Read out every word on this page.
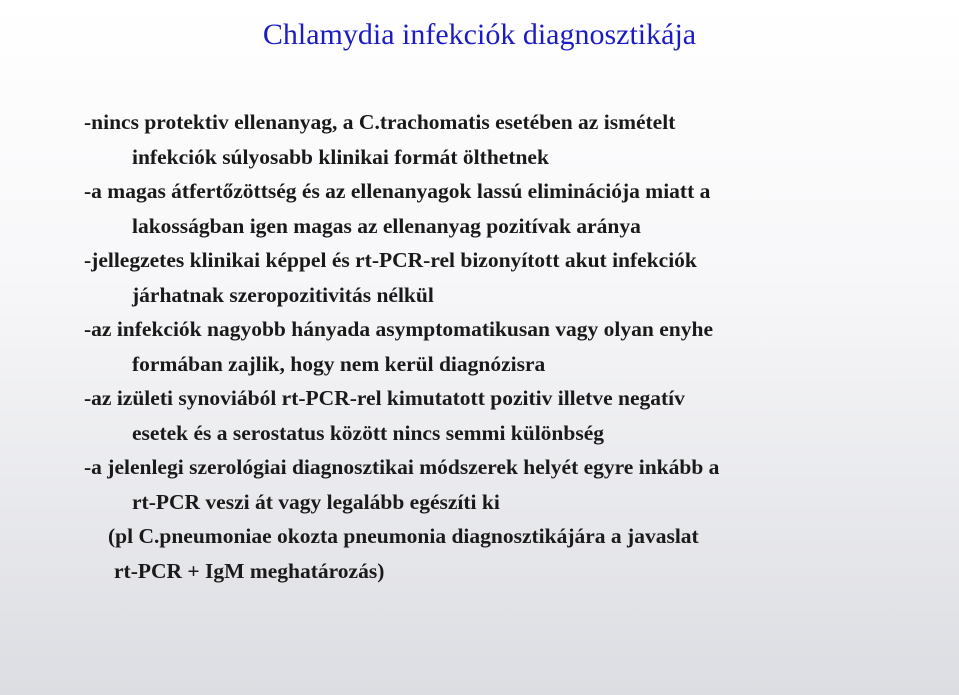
Chlamydia infekciók diagnosztikája
-nincs protektiv ellenanyag, a C.trachomatis esetében az ismételt
infekciók súlyosabb klinikai formát ölthetnek
-a magas átfertőzöttség és az ellenanyagok lassú eliminációja miatt a
lakosságban igen magas az ellenanyag pozitívak aránya
-jellegzetes klinikai képpel és rt-PCR-rel bizonyított akut infekciók
járhatnak szeropozitivitás nélkül
-az infekciók nagyobb hányada asymptomatikusan vagy olyan enyhe
formában zajlik, hogy nem kerül diagnózisra
-az izületi synoviából rt-PCR-rel kimutatott pozitiv illetve negatív
esetek és a serostatus között nincs semmi különbség
-a jelenlegi szerológiai diagnosztikai módszerek helyét egyre inkább a
rt-PCR veszi át vagy legalább egészíti ki
(pl C.pneumoniae okozta pneumonia diagnosztikájára a javaslat
rt-PCR + IgM meghatározás)
